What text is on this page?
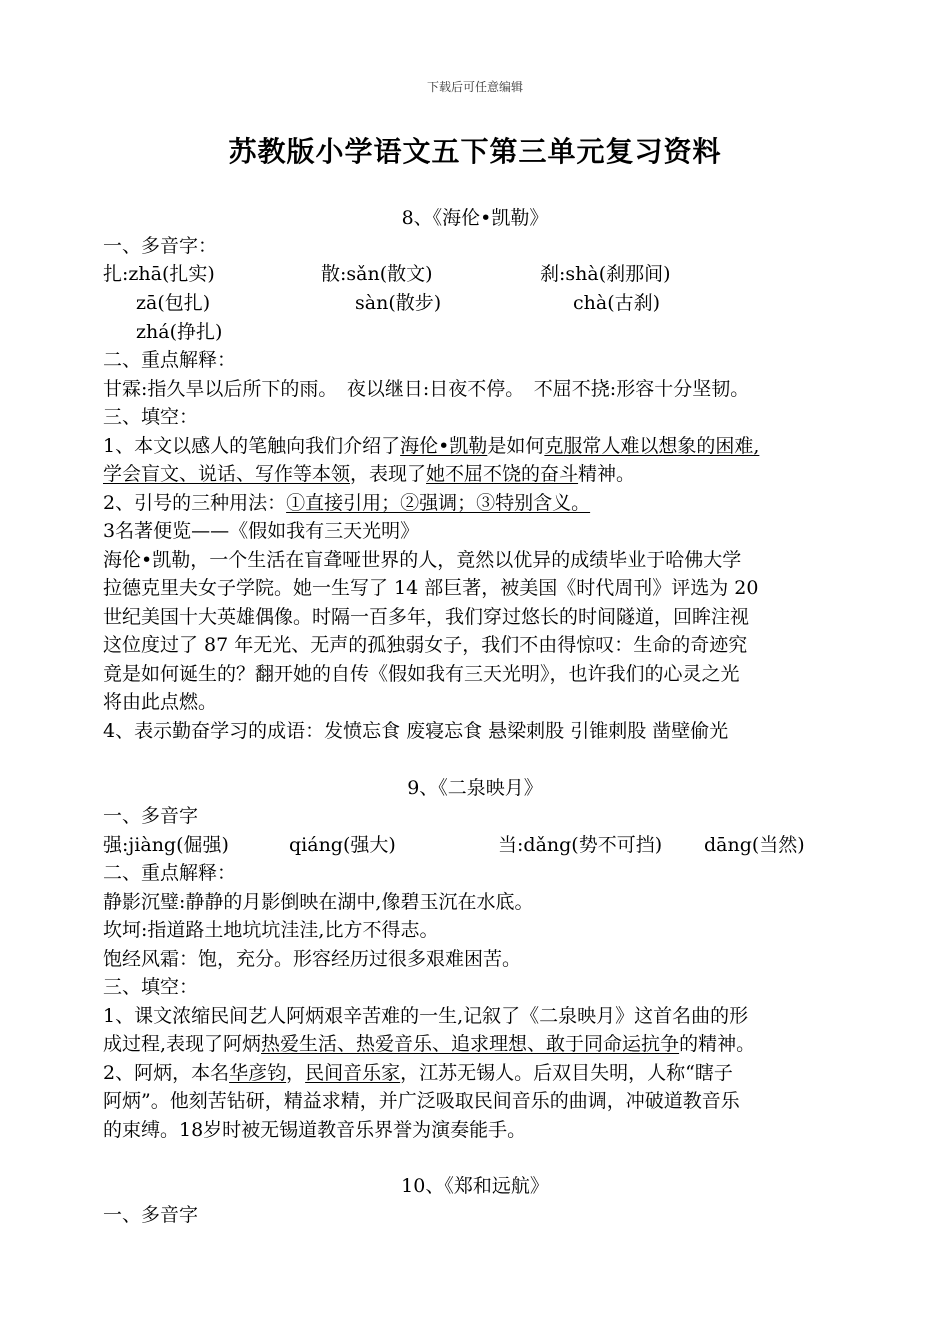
下载后可任意编辑
苏教版小学语文五下第三单元复习资料
8、《海伦•凯勒》
一、多音字：
扎:zhā(扎实)	散:sǎn(散文)	刹:shà(刹那间)
zā(包扎)	sàn(散步)	chà(古刹)
zhá(挣扎)
二、重点解释：
甘霖:指久旱以后所下的雨。　夜以继日:日夜不停。　不屈不挠:形容十分坚韧。
三、填空：
1、本文以感人的笔触向我们介绍了海伦•凯勒是如何克服常人难以想象的困难,
学会盲文、说话、写作等本领，表现了她不屈不饶的奋斗精神。
2、引号的三种用法：①直接引用；②强调；③特别含义。
3名著便览——《假如我有三天光明》
海伦•凯勒，一个生活在盲聋哑世界的人，竟然以优异的成绩毕业于哈佛大学
拉德克里夫女子学院。她一生写了 14 部巨著，被美国《时代周刊》评选为 20
世纪美国十大英雄偶像。时隔一百多年，我们穿过悠长的时间隧道，回眸注视
这位度过了 87 年无光、无声的孤独弱女子，我们不由得惊叹：生命的奇迹究
竟是如何诞生的？翻开她的自传《假如我有三天光明》，也许我们的心灵之光
将由此点燃。
4、表示勤奋学习的成语：发愤忘食 废寝忘食 悬梁刺股 引锥刺股 凿壁偷光
9、《二泉映月》
一、多音字
强:jiàng(倔强)	qiáng(强大)	当:dǎng(势不可挡) dāng(当然)
二、重点解释：
静影沉璧:静静的月影倒映在湖中,像碧玉沉在水底。
坎坷:指道路土地坑坑洼洼,比方不得志。
饱经风霜：饱，充分。形容经历过很多艰难困苦。
三、填空：
1、课文浓缩民间艺人阿炳艰辛苦难的一生,记叙了《二泉映月》这首名曲的形
成过程,表现了阿炳热爱生活、热爱音乐、追求理想、敢于同命运抗争的精神。
2、阿炳，本名华彦钧，民间音乐家，江苏无锡人。后双目失明，人称“瞎子
阿炳”。他刻苦钻研，精益求精，并广泛吸取民间音乐的曲调，冲破道教音乐
的束缚。18岁时被无锡道教音乐界誉为演奏能手。
10、《郑和远航》
一、多音字
